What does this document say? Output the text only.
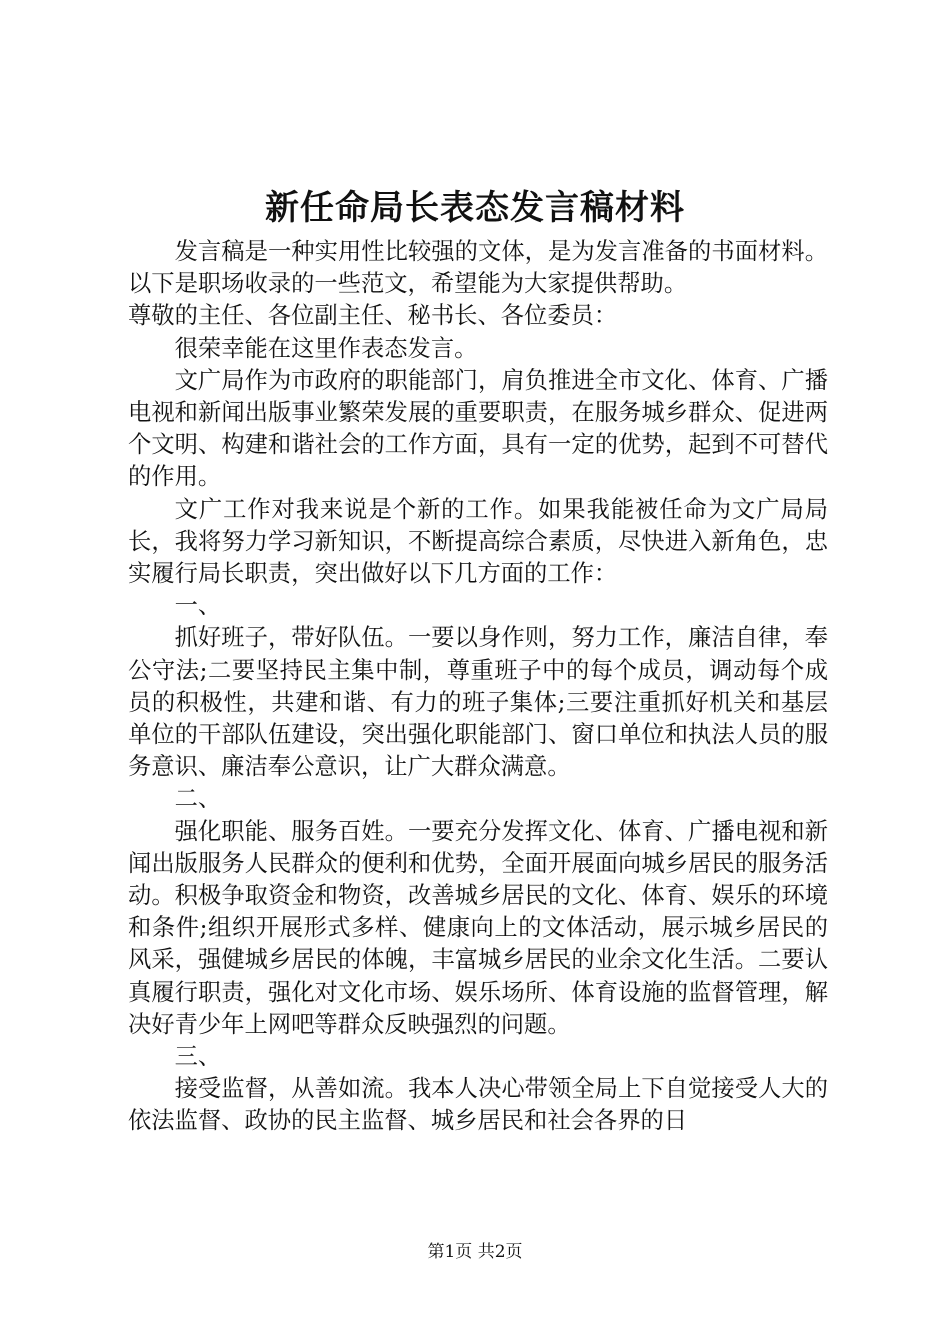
新任命局长表态发言稿材料

发言稿是一种实用性比较强的文体，是为发言准备的书面材料。以下是职场收录的一些范文，希望能为大家提供帮助。

尊敬的主任、各位副主任、秘书长、各位委员：

很荣幸能在这里作表态发言。

文广局作为市政府的职能部门，肩负推进全市文化、体育、广播电视和新闻出版事业繁荣发展的重要职责，在服务城乡群众、促进两个文明、构建和谐社会的工作方面，具有一定的优势，起到不可替代的作用。

文广工作对我来说是个新的工作。如果我能被任命为文广局局长，我将努力学习新知识，不断提高综合素质，尽快进入新角色，忠实履行局长职责，突出做好以下几方面的工作：

一、

抓好班子，带好队伍。一要以身作则，努力工作，廉洁自律，奉公守法;二要坚持民主集中制，尊重班子中的每个成员，调动每个成员的积极性，共建和谐、有力的班子集体;三要注重抓好机关和基层单位的干部队伍建设，突出强化职能部门、窗口单位和执法人员的服务意识、廉洁奉公意识，让广大群众满意。

二、

强化职能、服务百姓。一要充分发挥文化、体育、广播电视和新闻出版服务人民群众的便利和优势，全面开展面向城乡居民的服务活动。积极争取资金和物资，改善城乡居民的文化、体育、娱乐的环境和条件;组织开展形式多样、健康向上的文体活动，展示城乡居民的风采，强健城乡居民的体魄，丰富城乡居民的业余文化生活。二要认真履行职责，强化对文化市场、娱乐场所、体育设施的监督管理，解决好青少年上网吧等群众反映强烈的问题。

三、

接受监督，从善如流。我本人决心带领全局上下自觉接受人大的依法监督、政协的民主监督、城乡居民和社会各界的日

第1页 共2页
